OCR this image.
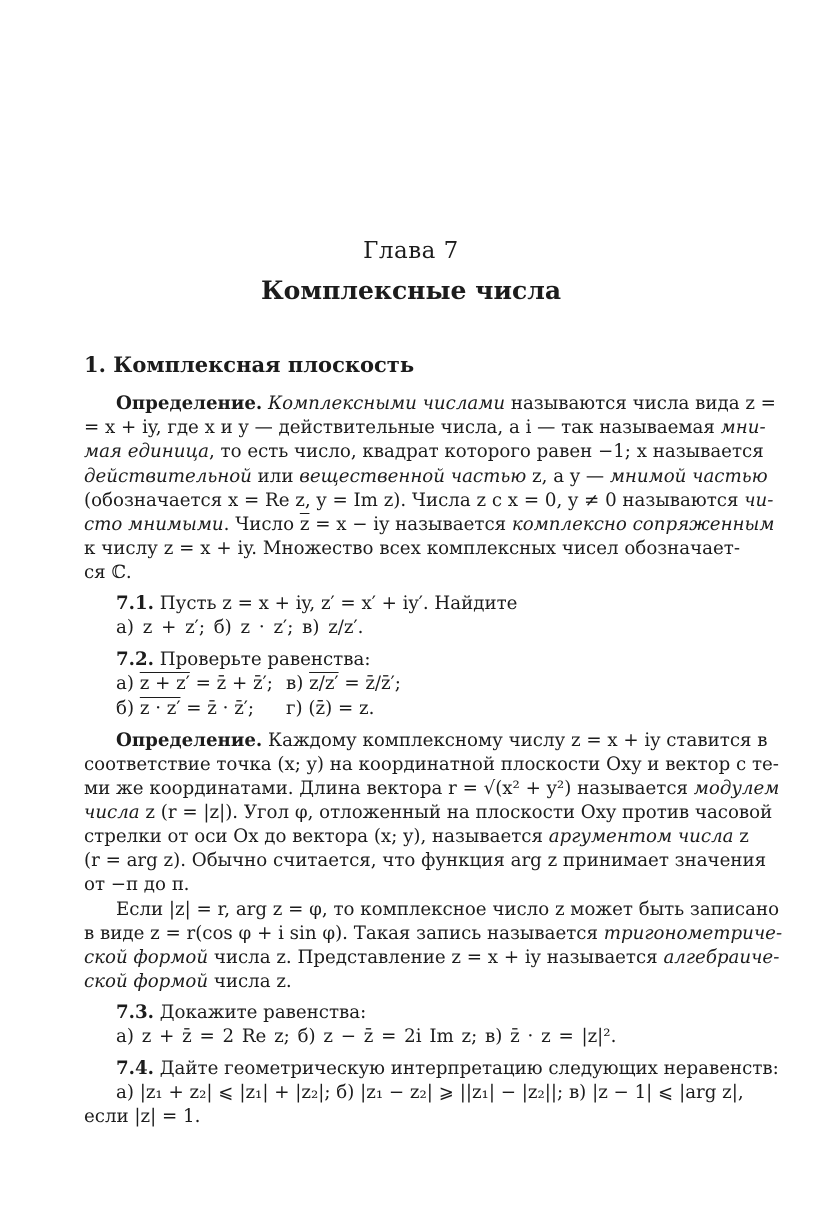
Глава 7
Комплексные числа
1. Комплексная плоскость
Определение. Комплексными числами называются числа вида z =
= x + iy, где x и y — действительные числа, а i — так называемая мни-
мая единица, то есть число, квадрат которого равен −1; x называется
действительной или вещественной частью z, а y — мнимой частью
(обозначается x = Re z, y = Im z). Числа z с x = 0, y ≠ 0 называются чи-
сто мнимыми. Число $\overline{z} = x$ − iy называется комплексно сопряженным
к числу z = x + iy. Множество всех комплексных чисел обозначает-
ся ℂ.
7.1. Пусть z = x + iy, z′ = x′ + iy′. Найдите
а) z + z′; б) z · z′; в) z/z′.
7.2. Проверьте равенства:
а) z + z′ = z̄ + z̄′; в) z/z′ = z̄/z̄′;
б) z · z′ = z̄ · z̄′; г) (z̄̄) = z.
Определение. Каждому комплексному числу z = x + iy ставится в
соответствие точка (x; y) на координатной плоскости Oxy и вектор с те-
ми же координатами. Длина вектора r = √(x² + y²) называется модулем
числа z (r = |z|). Угол φ, отложенный на плоскости Oxy против часовой
стрелки от оси Ox до вектора (x; y), называется аргументом числа z
(r = arg z). Обычно считается, что функция arg z принимает значения
от −π до π.
Если |z| = r, arg z = φ, то комплексное число z может быть записано
в виде z = r(cos φ + i sin φ). Такая запись называется тригонометриче-
ской формой числа z. Представление z = x + iy называется алгебраиче-
ской формой числа z.
7.3. Докажите равенства:
а) z + z̄ = 2 Re z; б) z − z̄ = 2i Im z; в) z̄ · z = |z|².
7.4. Дайте геометрическую интерпретацию следующих неравенств:
а) |z₁ + z₂| ⩽ |z₁| + |z₂|; б) |z₁ − z₂| ⩾ ||z₁| − |z₂||; в) |z − 1| ⩽ |arg z|,
если |z| = 1.
